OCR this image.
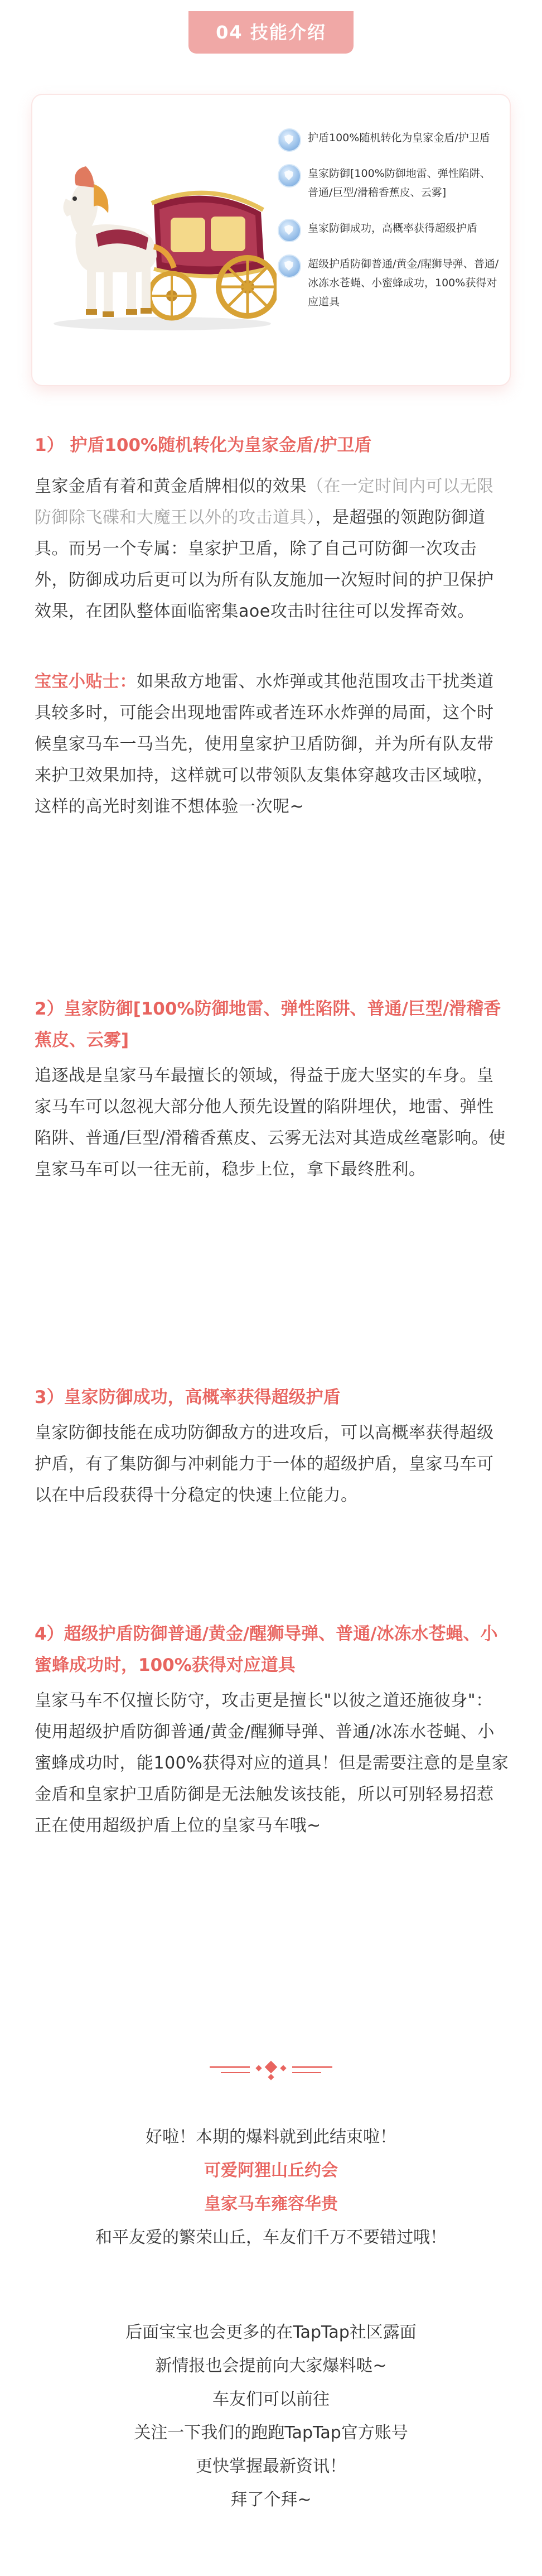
04 技能介绍
护盾100%随机转化为皇家金盾/护卫盾
皇家防御[100%防御地雷、弹性陷阱、普通/巨型/滑稽香蕉皮、云雾]
皇家防御成功，高概率获得超级护盾
超级护盾防御普通/黄金/醒狮导弹、普通/冰冻水苍蝇、小蜜蜂成功，100%获得对应道具
1） 护盾100%随机转化为皇家金盾/护卫盾
皇家金盾有着和黄金盾牌相似的效果（在一定时间内可以无限防御除飞碟和大魔王以外的攻击道具），是超强的领跑防御道具。而另一个专属：皇家护卫盾，除了自己可防御一次攻击外，防御成功后更可以为所有队友施加一次短时间的护卫保护效果，在团队整体面临密集aoe攻击时往往可以发挥奇效。
宝宝小贴士：如果敌方地雷、水炸弹或其他范围攻击干扰类道具较多时，可能会出现地雷阵或者连环水炸弹的局面，这个时候皇家马车一马当先，使用皇家护卫盾防御，并为所有队友带来护卫效果加持，这样就可以带领队友集体穿越攻击区域啦，这样的高光时刻谁不想体验一次呢~
2）皇家防御[100%防御地雷、弹性陷阱、普通/巨型/滑稽香蕉皮、云雾]
追逐战是皇家马车最擅长的领域，得益于庞大坚实的车身。皇家马车可以忽视大部分他人预先设置的陷阱埋伏，地雷、弹性陷阱、普通/巨型/滑稽香蕉皮、云雾无法对其造成丝毫影响。使皇家马车可以一往无前，稳步上位，拿下最终胜利。
3）皇家防御成功，高概率获得超级护盾
皇家防御技能在成功防御敌方的进攻后，可以高概率获得超级护盾，有了集防御与冲刺能力于一体的超级护盾，皇家马车可以在中后段获得十分稳定的快速上位能力。
4）超级护盾防御普通/黄金/醒狮导弹、普通/冰冻水苍蝇、小蜜蜂成功时，100%获得对应道具
皇家马车不仅擅长防守，攻击更是擅长"以彼之道还施彼身"：使用超级护盾防御普通/黄金/醒狮导弹、普通/冰冻水苍蝇、小蜜蜂成功时，能100%获得对应的道具！但是需要注意的是皇家金盾和皇家护卫盾防御是无法触发该技能，所以可别轻易招惹正在使用超级护盾上位的皇家马车哦~
好啦！本期的爆料就到此结束啦！
可爱阿狸山丘约会
皇家马车雍容华贵
和平友爱的繁荣山丘，车友们千万不要错过哦！
后面宝宝也会更多的在TapTap社区露面
新情报也会提前向大家爆料哒~
车友们可以前往
关注一下我们的跑跑TapTap官方账号
更快掌握最新资讯！
拜了个拜~
